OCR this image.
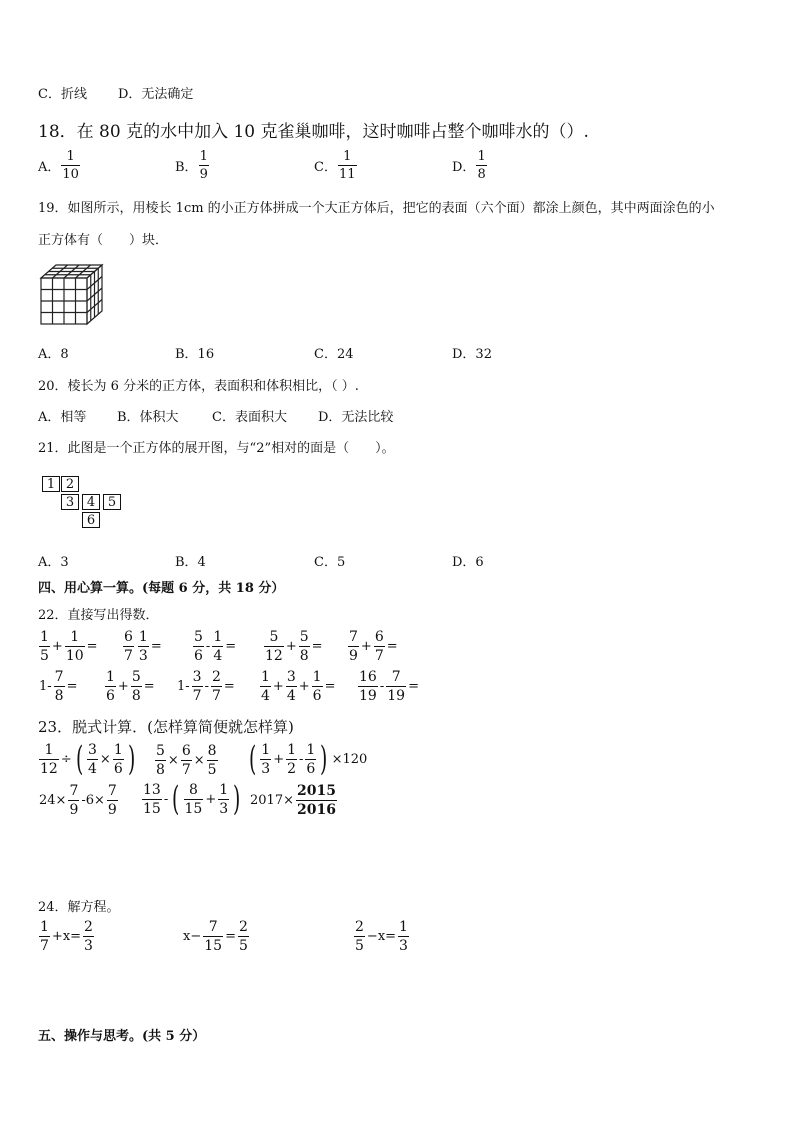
C．折线 D．无法确定
18．在 80 克的水中加入 10 克雀巢咖啡，这时咖啡占整个咖啡水的（）.
A． $\frac{1}{10}$	B． $\frac{1}{9}$	C． $\frac{1}{11}$	D． $\frac{1}{8}$
19．如图所示，用棱长 1cm 的小正方体拼成一个大正方体后，把它的表面（六个面）都涂上颜色，其中两面涂色的小
正方体有（　　）块．
A．8	B．16	C．24	D．32
20．棱长为 6 分米的正方体，表面积和体积相比，（ ）.
A．相等 B．体积大	C．表面积大 D．无法比较
21．此图是一个正方体的展开图，与“2”相对的面是（　　）。
1 2
3 4 5
6
A．3	B．4	C．5	D．6
四、用心算一算。(每题 6 分，共 18 分）
22．直接写出得数．
$\frac{1}{5} + \frac{1}{10} = \frac{6}{7} \frac{1}{3} = \frac{5}{6} - \frac{1}{4} = \frac{5}{12} + \frac{5}{8} = \frac{7}{9} + \frac{6}{7}$ =
$1- \frac{7}{8} = \frac{1}{6} + \frac{5}{8} = 1- \frac{3}{7} - \frac{2}{7} = \frac{1}{4} + \frac{3}{4} + \frac{1}{6} = \frac{16}{19} - \frac{7}{19}$ =
23．脱式计算．(怎样算简便就怎样算)
$\frac{1}{12}$ ÷ ( $\frac{3}{4} \times \frac{1}{6}$ ) $\frac{5}{8} \times \frac{6}{7} \times \frac{8}{5}$ ( $\frac{1}{3} + \frac{1}{2} - \frac{1}{6}$ ) ×120
$24\times \frac{7}{9} -6\times \frac{7}{9} \frac{13}{15}$ - ( $\frac{8}{15} + \frac{1}{3}$ ) $2017\times \frac{2015}{2016}$
24．解方程。
$\frac{1}{7} +x= \frac{2}{3}$	$x- \frac{7}{15} = \frac{2}{5}$	$\frac{2}{5} -x= \frac{1}{3}$
五、操作与思考。(共 5 分）
